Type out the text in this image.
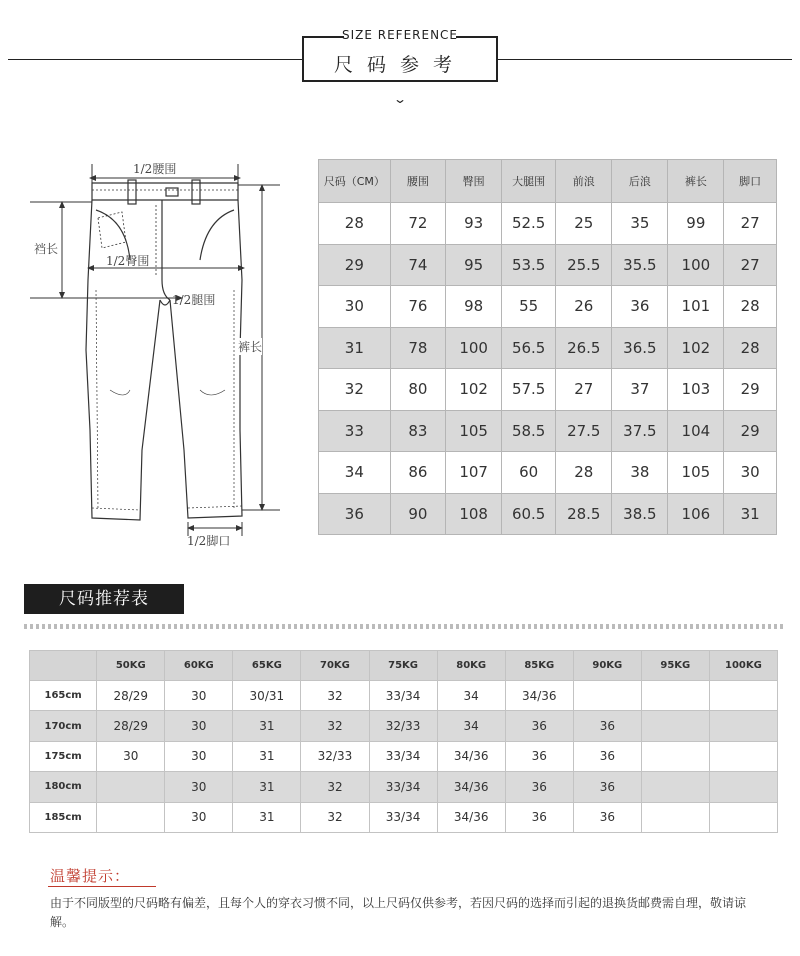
SIZE REFERENCE
尺码参考
⌄
1/2腰围
裆长
1/2臀围
1/2腿围
裤长
1/2脚口
尺码（CM）	腰围	臀围	大腿围	前浪	后浪	裤长	脚口
28	72	93	52.5	25	35	99	27
29	74	95	53.5	25.5	35.5	100	27
30	76	98	55	26	36	101	28
31	78	100	56.5	26.5	36.5	102	28
32	80	102	57.5	27	37	103	29
33	83	105	58.5	27.5	37.5	104	29
34	86	107	60	28	38	105	30
36	90	108	60.5	28.5	38.5	106	31
尺码推荐表
	50KG	60KG	65KG	70KG	75KG	80KG	85KG	90KG	95KG	100KG
165cm	28/29	30	30/31	32	33/34	34	34/36			
170cm	28/29	30	31	32	32/33	34	36	36		
175cm	30	30	31	32/33	33/34	34/36	36	36		
180cm		30	31	32	33/34	34/36	36	36		
185cm		30	31	32	33/34	34/36	36	36		
温馨提示：
由于不同版型的尺码略有偏差，且每个人的穿衣习惯不同，以上尺码仅供参考，若因尺码的选择而引起的退换货邮费需自理，敬请谅解。
